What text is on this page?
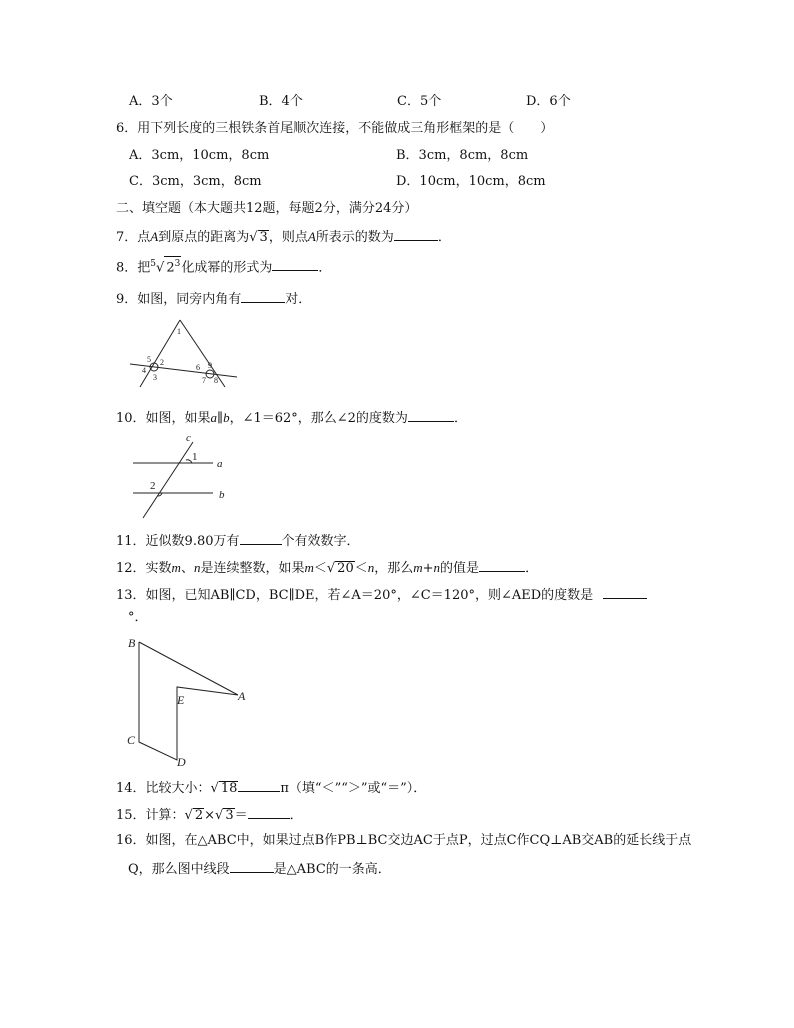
A．3个	B．4个	C．5个	D．6个
6．用下列长度的三根铁条首尾顺次连接，不能做成三角形框架的是（　　）
A．3cm，10cm，8cm	B．3cm，8cm，8cm
C．3cm，3cm，8cm	D．10cm，10cm，8cm
二、填空题（本大题共12题，每题2分，满分24分）
7．点A到原点的距离为√ 3，则点A所表示的数为	．
8．把$^5$√ $2^3$化成幂的形式为	．
9．如图，同旁内角有	对．
1
5 2
4
3
6 9
7 8
10．如图，如果a∥b，∠1＝62°，那么∠2的度数为	．
c
a
b
1
2
11．近似数9.80万有	个有效数字．
12．实数m、n是连续整数，如果m＜√ 20＜n，那么m+n的值是	．
13．如图，已知AB∥CD，BC∥DE，若∠A＝20°，∠C＝120°，则∠AED的度数是
°．
B
A
E
C
D
14．比较大小：√ 18	π（填“＜”“＞”或“＝”）．
15．计算：√ 2×√ 3＝	．
16．如图，在△ABC中，如果过点B作PB⊥BC交边AC于点P，过点C作CQ⊥AB交AB的延长线于点
Q，那么图中线段	是△ABC的一条高．
